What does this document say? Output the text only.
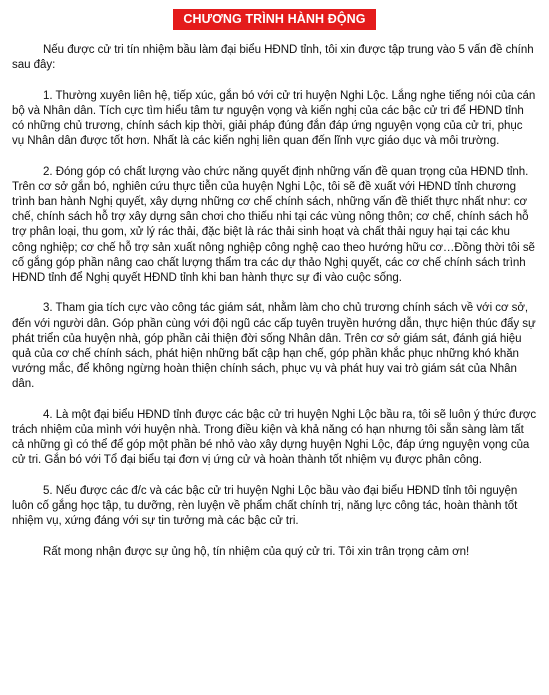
CHƯƠNG TRÌNH HÀNH ĐỘNG

Nếu được cử tri tín nhiệm bầu làm đại biểu HĐND tỉnh, tôi xin được tập trung vào 5 vấn đề chính sau đây:

1. Thường xuyên liên hệ, tiếp xúc, gắn bó với cử tri huyện Nghi Lộc. Lắng nghe tiếng nói của cán bộ và Nhân dân. Tích cực tìm hiểu tâm tư nguyện vọng và kiến nghị của các bậc cử tri để HĐND tỉnh có những chủ trương, chính sách kịp thời, giải pháp đúng đắn đáp ứng nguyện vọng của cử tri, phục vụ Nhân dân được tốt hơn. Nhất là các kiến nghị liên quan đến lĩnh vực giáo dục và môi trường.

2. Đóng góp có chất lượng vào chức năng quyết định những vấn đề quan trọng của HĐND tỉnh. Trên cơ sở gắn bó, nghiên cứu thực tiễn của huyện Nghi Lộc, tôi sẽ đề xuất với HĐND tỉnh chương trình ban hành Nghị quyết, xây dựng những cơ chế chính sách, những vấn đề thiết thực nhất như: cơ chế, chính sách hỗ trợ xây dựng sân chơi cho thiếu nhi tại các vùng nông thôn; cơ chế, chính sách hỗ trợ phân loại, thu gom, xử lý rác thải, đặc biệt là rác thải sinh hoạt và chất thải nguy hại tại các khu công nghiệp; cơ chế hỗ trợ sản xuất nông nghiệp công nghệ cao theo hướng hữu cơ…Đồng thời tôi sẽ cố gắng góp phần nâng cao chất lượng thẩm tra các dự thảo Nghị quyết, các cơ chế chính sách trình HĐND tỉnh để Nghị quyết HĐND tỉnh khi ban hành thực sự đi vào cuộc sống.

3. Tham gia tích cực vào công tác giám sát, nhằm làm cho chủ trương chính sách về với cơ sở, đến với người dân. Góp phần cùng với đội ngũ các cấp tuyên truyền hướng dẫn, thực hiện thúc đẩy sự phát triển của huyện nhà, góp phần cải thiện đời sống Nhân dân. Trên cơ sở giám sát, đánh giá hiệu quả của cơ chế chính sách, phát hiện những bất cập hạn chế, góp phần khắc phục những khó khăn vướng mắc, để không ngừng hoàn thiện chính sách, phục vụ và phát huy vai trò giám sát của Nhân dân.

4. Là một đại biểu HĐND tỉnh được các bậc cử tri huyện Nghi Lộc bầu ra, tôi sẽ luôn ý thức được trách nhiệm của mình với huyện nhà. Trong điều kiện và khả năng có hạn nhưng tôi sẵn sàng làm tất cả những gì có thể để góp một phần bé nhỏ vào xây dựng huyện Nghi Lộc, đáp ứng nguyện vọng của cử tri. Gắn bó với Tổ đại biểu tại đơn vị ứng cử và hoàn thành tốt nhiệm vụ được phân công.

5. Nếu được các đ/c và các bậc cử tri huyện Nghi Lộc bầu vào đại biểu HĐND tỉnh tôi nguyện luôn cố gắng học tập, tu dưỡng, rèn luyện về phẩm chất chính trị, năng lực công tác, hoàn thành tốt nhiệm vụ, xứng đáng với sự tin tưởng mà các bậc cử tri.

Rất mong nhận được sự ủng hộ, tín nhiệm của quý cử tri. Tôi xin trân trọng cảm ơn!
